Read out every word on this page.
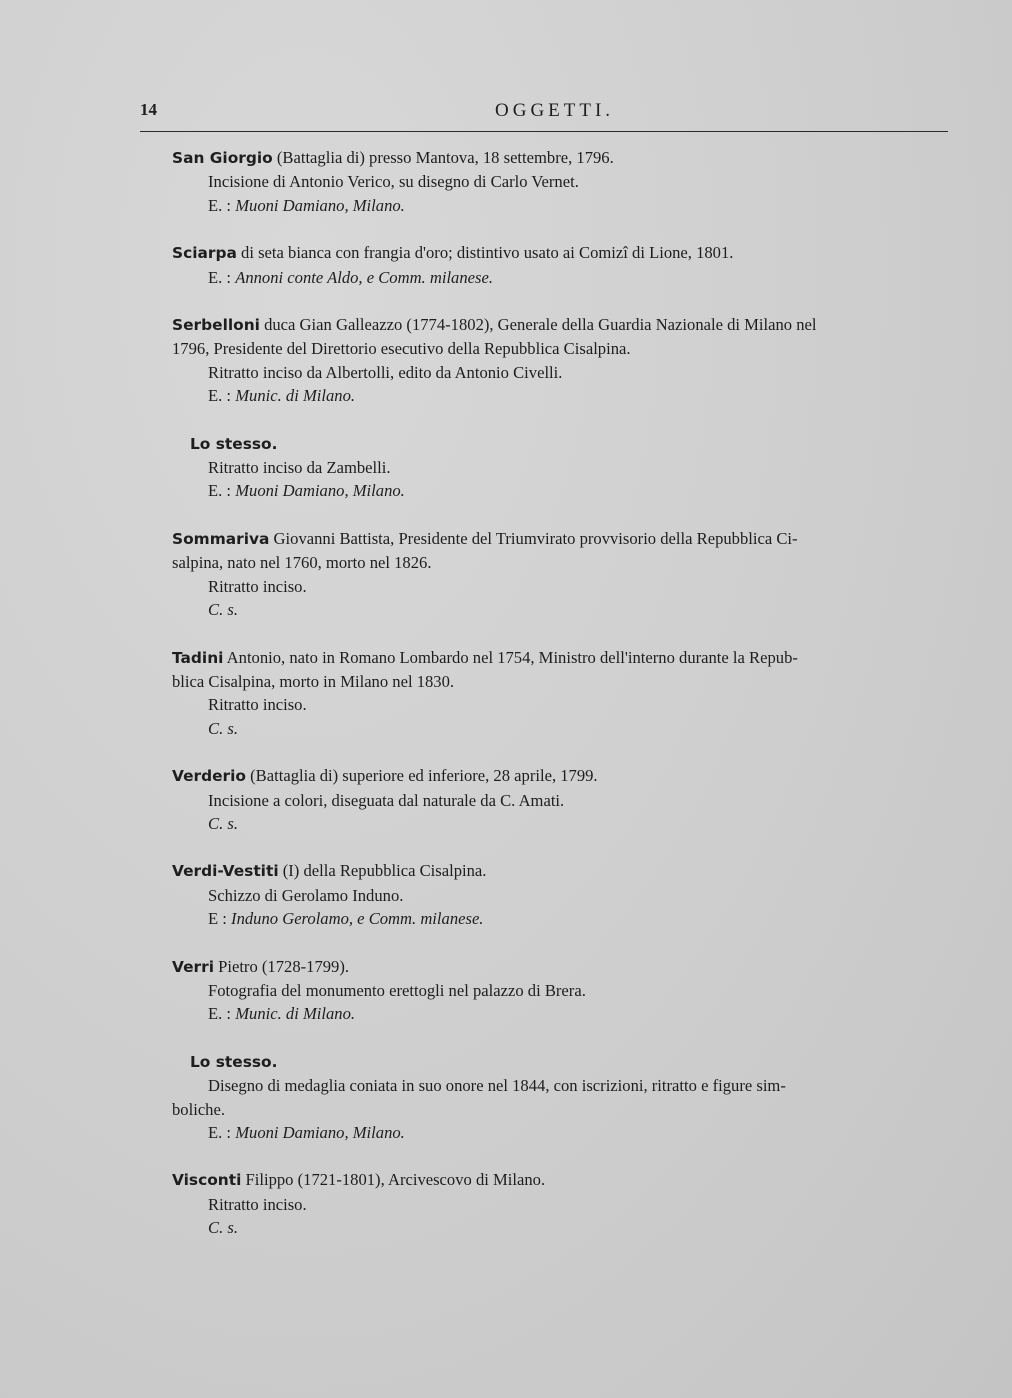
14	OGGETTI.
San Giorgio (Battaglia di) presso Mantova, 18 settembre, 1796.
Incisione di Antonio Verico, su disegno di Carlo Vernet.
E. : Muoni Damiano, Milano.
Sciarpa di seta bianca con frangia d'oro; distintivo usato ai Comizî di Lione, 1801.
E. : Annoni conte Aldo, e Comm. milanese.
Serbelloni duca Gian Galleazzo (1774-1802), Generale della Guardia Nazionale di Milano nel
1796, Presidente del Direttorio esecutivo della Repubblica Cisalpina.
Ritratto inciso da Albertolli, edito da Antonio Civelli.
E. : Munic. di Milano.
Lo stesso.
Ritratto inciso da Zambelli.
E. : Muoni Damiano, Milano.
Sommariva Giovanni Battista, Presidente del Triumvirato provvisorio della Repubblica Ci-
salpina, nato nel 1760, morto nel 1826.
Ritratto inciso.
C. s.
Tadini Antonio, nato in Romano Lombardo nel 1754, Ministro dell'interno durante la Repub-
blica Cisalpina, morto in Milano nel 1830.
Ritratto inciso.
C. s.
Verderio (Battaglia di) superiore ed inferiore, 28 aprile, 1799.
Incisione a colori, diseguata dal naturale da C. Amati.
C. s.
Verdi-Vestiti (I) della Repubblica Cisalpina.
Schizzo di Gerolamo Induno.
E : Induno Gerolamo, e Comm. milanese.
Verri Pietro (1728-1799).
Fotografia del monumento erettogli nel palazzo di Brera.
E. : Munic. di Milano.
Lo stesso.
Disegno di medaglia coniata in suo onore nel 1844, con iscrizioni, ritratto e figure sim-
boliche.
E. : Muoni Damiano, Milano.
Visconti Filippo (1721-1801), Arcivescovo di Milano.
Ritratto inciso.
C. s.
